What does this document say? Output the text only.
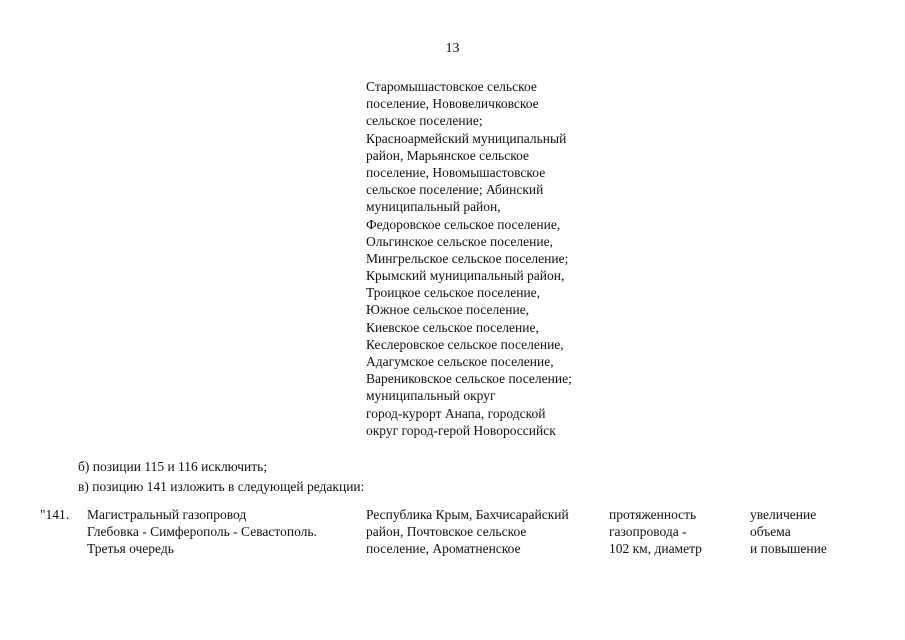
13
Старомышастовское сельское
поселение, Нововеличковское
сельское поселение;
Красноармейский муниципальный
район, Марьянское сельское
поселение, Новомышастовское
сельское поселение; Абинский
муниципальный район,
Федоровское сельское поселение,
Ольгинское сельское поселение,
Мингрельское сельское поселение;
Крымский муниципальный район,
Троицкое сельское поселение,
Южное сельское поселение,
Киевское сельское поселение,
Кеслеровское сельское поселение,
Адагумское сельское поселение,
Варениковское сельское поселение;
муниципальный округ
город-курорт Анапа, городской
округ город-герой Новороссийск
б) позиции 115 и 116 исключить;
в) позицию 141 изложить в следующей редакции:
"141. Магистральный газопровод
Глебовка - Симферополь - Севастополь.
Третья очередь
Республика Крым, Бахчисарайский
район, Почтовское сельское
поселение, Ароматненское
протяженность
газопровода -
102 км, диаметр
увеличение
объема
и повышение
